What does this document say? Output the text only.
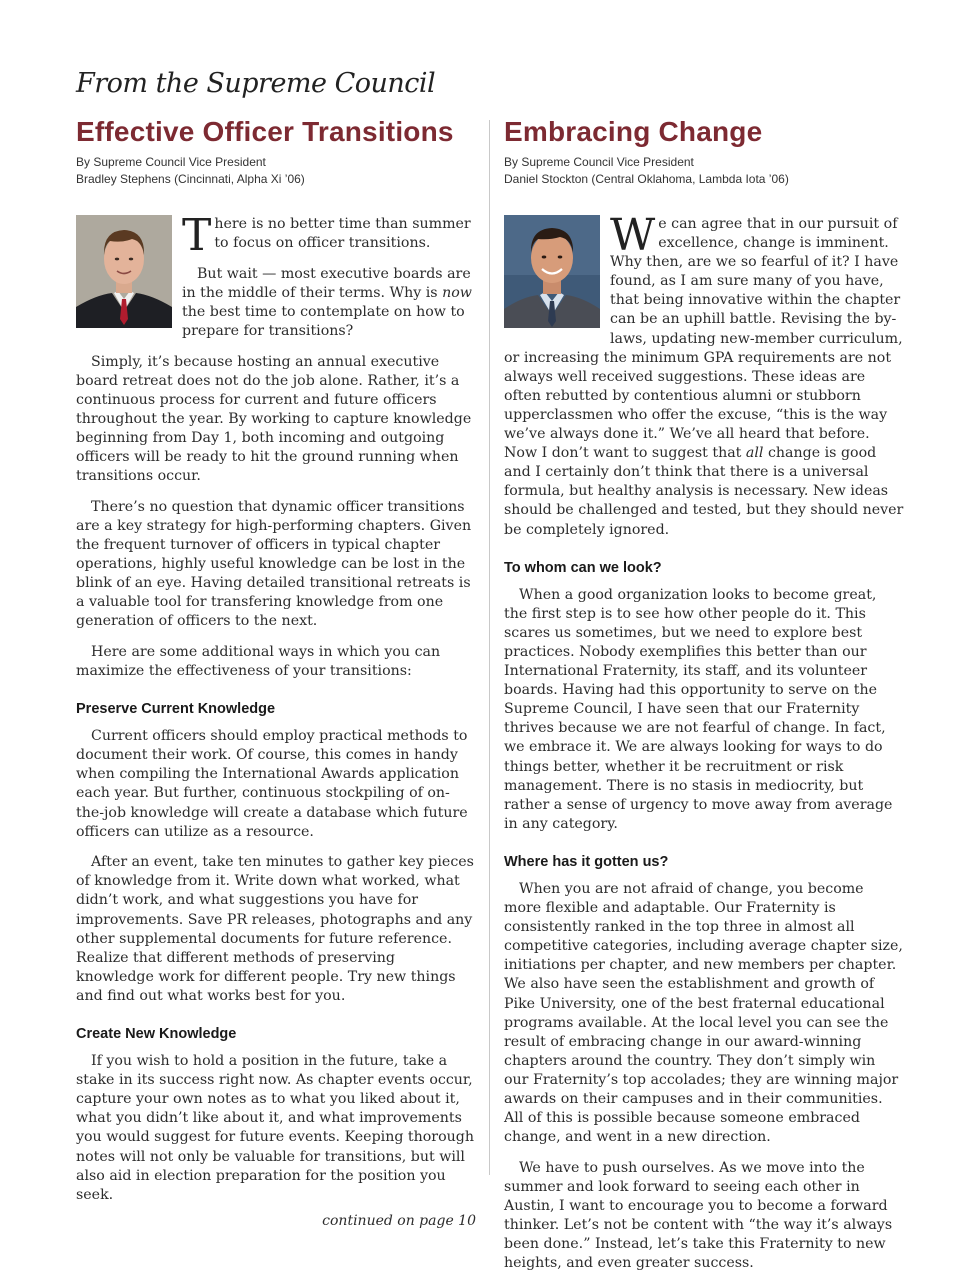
From the Supreme Council
Effective Officer Transitions
By Supreme Council Vice President
Bradley Stephens (Cincinnati, Alpha Xi ’06)

There is no better time than summer to focus on officer transitions.

But wait — most executive boards are in the middle of their terms. Why is now the best time to contemplate on how to prepare for transitions?

Simply, it’s because hosting an annual executive board retreat does not do the job alone. Rather, it’s a continuous process for current and future officers throughout the year. By working to capture knowledge beginning from Day 1, both incoming and outgoing officers will be ready to hit the ground running when transitions occur.

There’s no question that dynamic officer transitions are a key strategy for high-performing chapters. Given the frequent turnover of officers in typical chapter operations, highly useful knowledge can be lost in the blink of an eye. Having detailed transitional retreats is a valuable tool for transfering knowledge from one generation of officers to the next.

Here are some additional ways in which you can maximize the effectiveness of your transitions:

Preserve Current Knowledge

Current officers should employ practical methods to document their work. Of course, this comes in handy when compiling the International Awards application each year. But further, continuous stockpiling of on-the-job knowledge will create a database which future officers can utilize as a resource.

After an event, take ten minutes to gather key pieces of knowledge from it. Write down what worked, what didn’t work, and what suggestions you have for improvements. Save PR releases, photographs and any other supplemental documents for future reference. Realize that different methods of preserving knowledge work for different people. Try new things and find out what works best for you.

Create New Knowledge

If you wish to hold a position in the future, take a stake in its success right now. As chapter events occur, capture your own notes as to what you liked about it, what you didn’t like about it, and what improvements you would suggest for future events. Keeping thorough notes will not only be valuable for transitions, but will also aid in election preparation for the position you seek.

continued on page 10
Embracing Change
By Supreme Council Vice President
Daniel Stockton (Central Oklahoma, Lambda Iota ’06)

We can agree that in our pursuit of excellence, change is imminent. Why then, are we so fearful of it? I have found, as I am sure many of you have, that being innovative within the chapter can be an uphill battle. Revising the by-laws, updating new-member curriculum, or increasing the minimum GPA requirements are not always well received suggestions. These ideas are often rebutted by contentious alumni or stubborn upperclassmen who offer the excuse, “this is the way we’ve always done it.” We’ve all heard that before. Now I don’t want to suggest that all change is good and I certainly don’t think that there is a universal formula, but healthy analysis is necessary. New ideas should be challenged and tested, but they should never be completely ignored.

To whom can we look?

When a good organization looks to become great, the first step is to see how other people do it. This scares us sometimes, but we need to explore best practices. Nobody exemplifies this better than our International Fraternity, its staff, and its volunteer boards. Having had this opportunity to serve on the Supreme Council, I have seen that our Fraternity thrives because we are not fearful of change. In fact, we embrace it. We are always looking for ways to do things better, whether it be recruitment or risk management. There is no stasis in mediocrity, but rather a sense of urgency to move away from average in any category.

Where has it gotten us?

When you are not afraid of change, you become more flexible and adaptable. Our Fraternity is consistently ranked in the top three in almost all competitive categories, including average chapter size, initiations per chapter, and new members per chapter. We also have seen the establishment and growth of Pike University, one of the best fraternal educational programs available. At the local level you can see the result of embracing change in our award-winning chapters around the country. They don’t simply win our Fraternity’s top accolades; they are winning major awards on their campuses and in their communities. All of this is possible because someone embraced change, and went in a new direction.

We have to push ourselves. As we move into the summer and look forward to seeing each other in Austin, I want to encourage you to become a forward thinker. Let’s not be content with “the way it’s always been done.” Instead, let’s take this Fraternity to new heights, and even greater success.
